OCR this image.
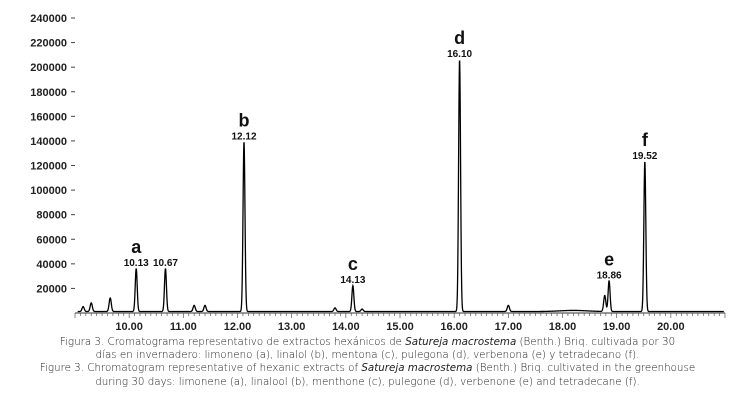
20000
40000
60000
80000
100000
120000
140000
160000
180000
200000
220000
240000
10.00 11.00 12.00 13.00 14.00 15.00 16.00 17.00 18.00 19.00 20.00
10.13
a
10.67
12.12
b
14.13
c
16.10
d
18.86
e
19.52
f
Figura 3. Cromatograma representativo de extractos hexánicos de Satureja macrostema (Benth.) Briq. cultivada por 30
días en invernadero: limoneno (a), linalol (b), mentona (c), pulegona (d), verbenona (e) y tetradecano (f).
Figure 3. Chromatogram representative of hexanic extracts of Satureja macrostema (Benth.) Briq. cultivated in the greenhouse
during 30 days: limonene (a), linalool (b), menthone (c), pulegone (d), verbenone (e) and tetradecane (f).
